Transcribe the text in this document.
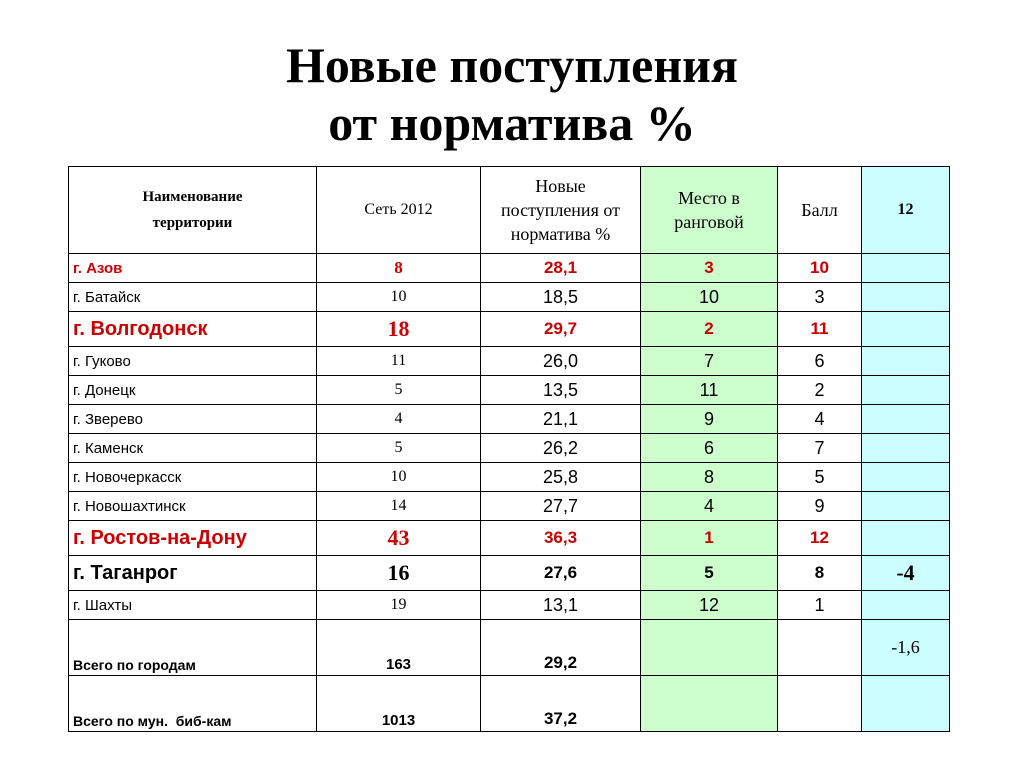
Новые поступления
от норматива %
Наименование
территории	Сеть 2012	Новые
поступления от
норматива %	Место в
ранговой	Балл	12
г. Азов	8	28,1	3	10	
г. Батайск	10	18,5	10	3	
г. Волгодонск	18	29,7	2	11	
г. Гуково	11	26,0	7	6	
г. Донецк	5	13,5	11	2	
г. Зверево	4	21,1	9	4	
г. Каменск	5	26,2	6	7	
г. Новочеркасск	10	25,8	8	5	
г. Новошахтинск	14	27,7	4	9	
г. Ростов-на-Дону	43	36,3	1	12	
г. Таганрог	16	27,6	5	8	-4
г. Шахты	19	13,1	12	1	
Всего по городам	163	29,2			-1,6
Всего по мун.  биб-кам	1013	37,2			
